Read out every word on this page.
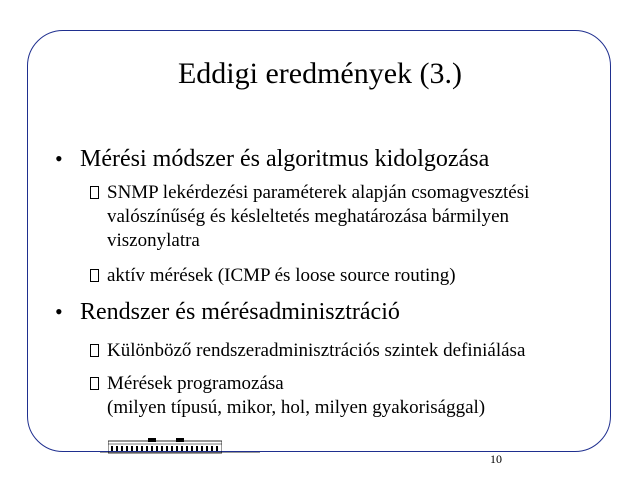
Eddigi eredmények (3.)
• Mérési módszer és algoritmus kidolgozása
SNMP lekérdezési paraméterek alapján csomagvesztési
valószínűség és késleltetés meghatározása bármilyen
viszonylatra
aktív mérések (ICMP és loose source routing)
• Rendszer és mérésadminisztráció
Különböző rendszeradminisztrációs szintek definiálása
Mérések programozása
(milyen típusú, mikor, hol, milyen gyakorisággal)
10
